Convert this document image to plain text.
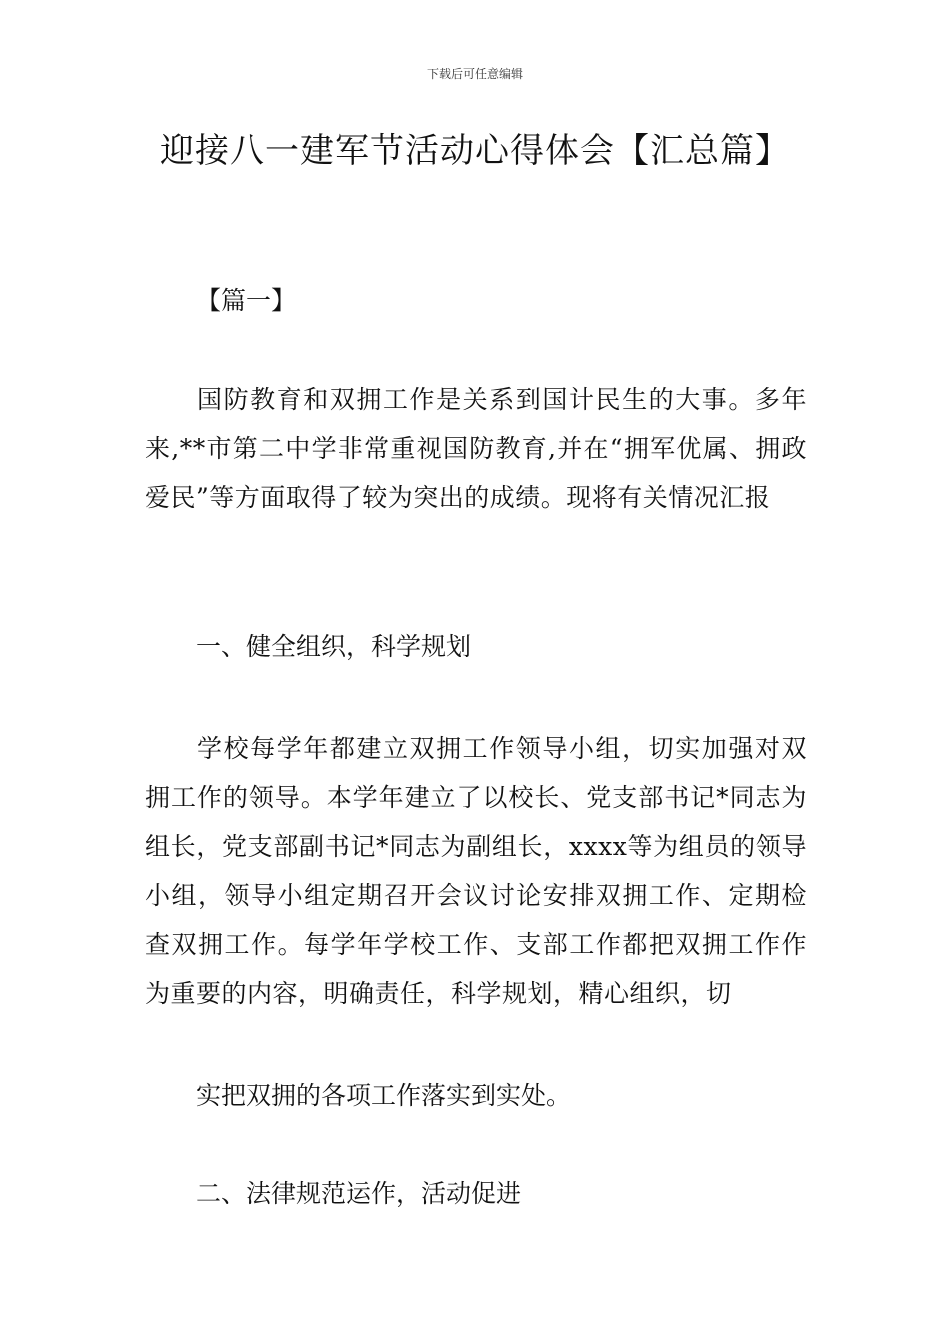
下载后可任意编辑
迎接八一建军节活动心得体会【汇总篇】
【篇一】
国防教育和双拥工作是关系到国计民生的大事。多年来,**市第二中学非常重视国防教育,并在“拥军优属、拥政爱民”等方面取得了较为突出的成绩。现将有关情况汇报
一、健全组织，科学规划
学校每学年都建立双拥工作领导小组，切实加强对双拥工作的领导。本学年建立了以校长、党支部书记*同志为组长，党支部副书记*同志为副组长，xxxx等为组员的领导小组，领导小组定期召开会议讨论安排双拥工作、定期检查双拥工作。每学年学校工作、支部工作都把双拥工作作为重要的内容，明确责任，科学规划，精心组织，切
实把双拥的各项工作落实到实处。
二、法律规范运作，活动促进
